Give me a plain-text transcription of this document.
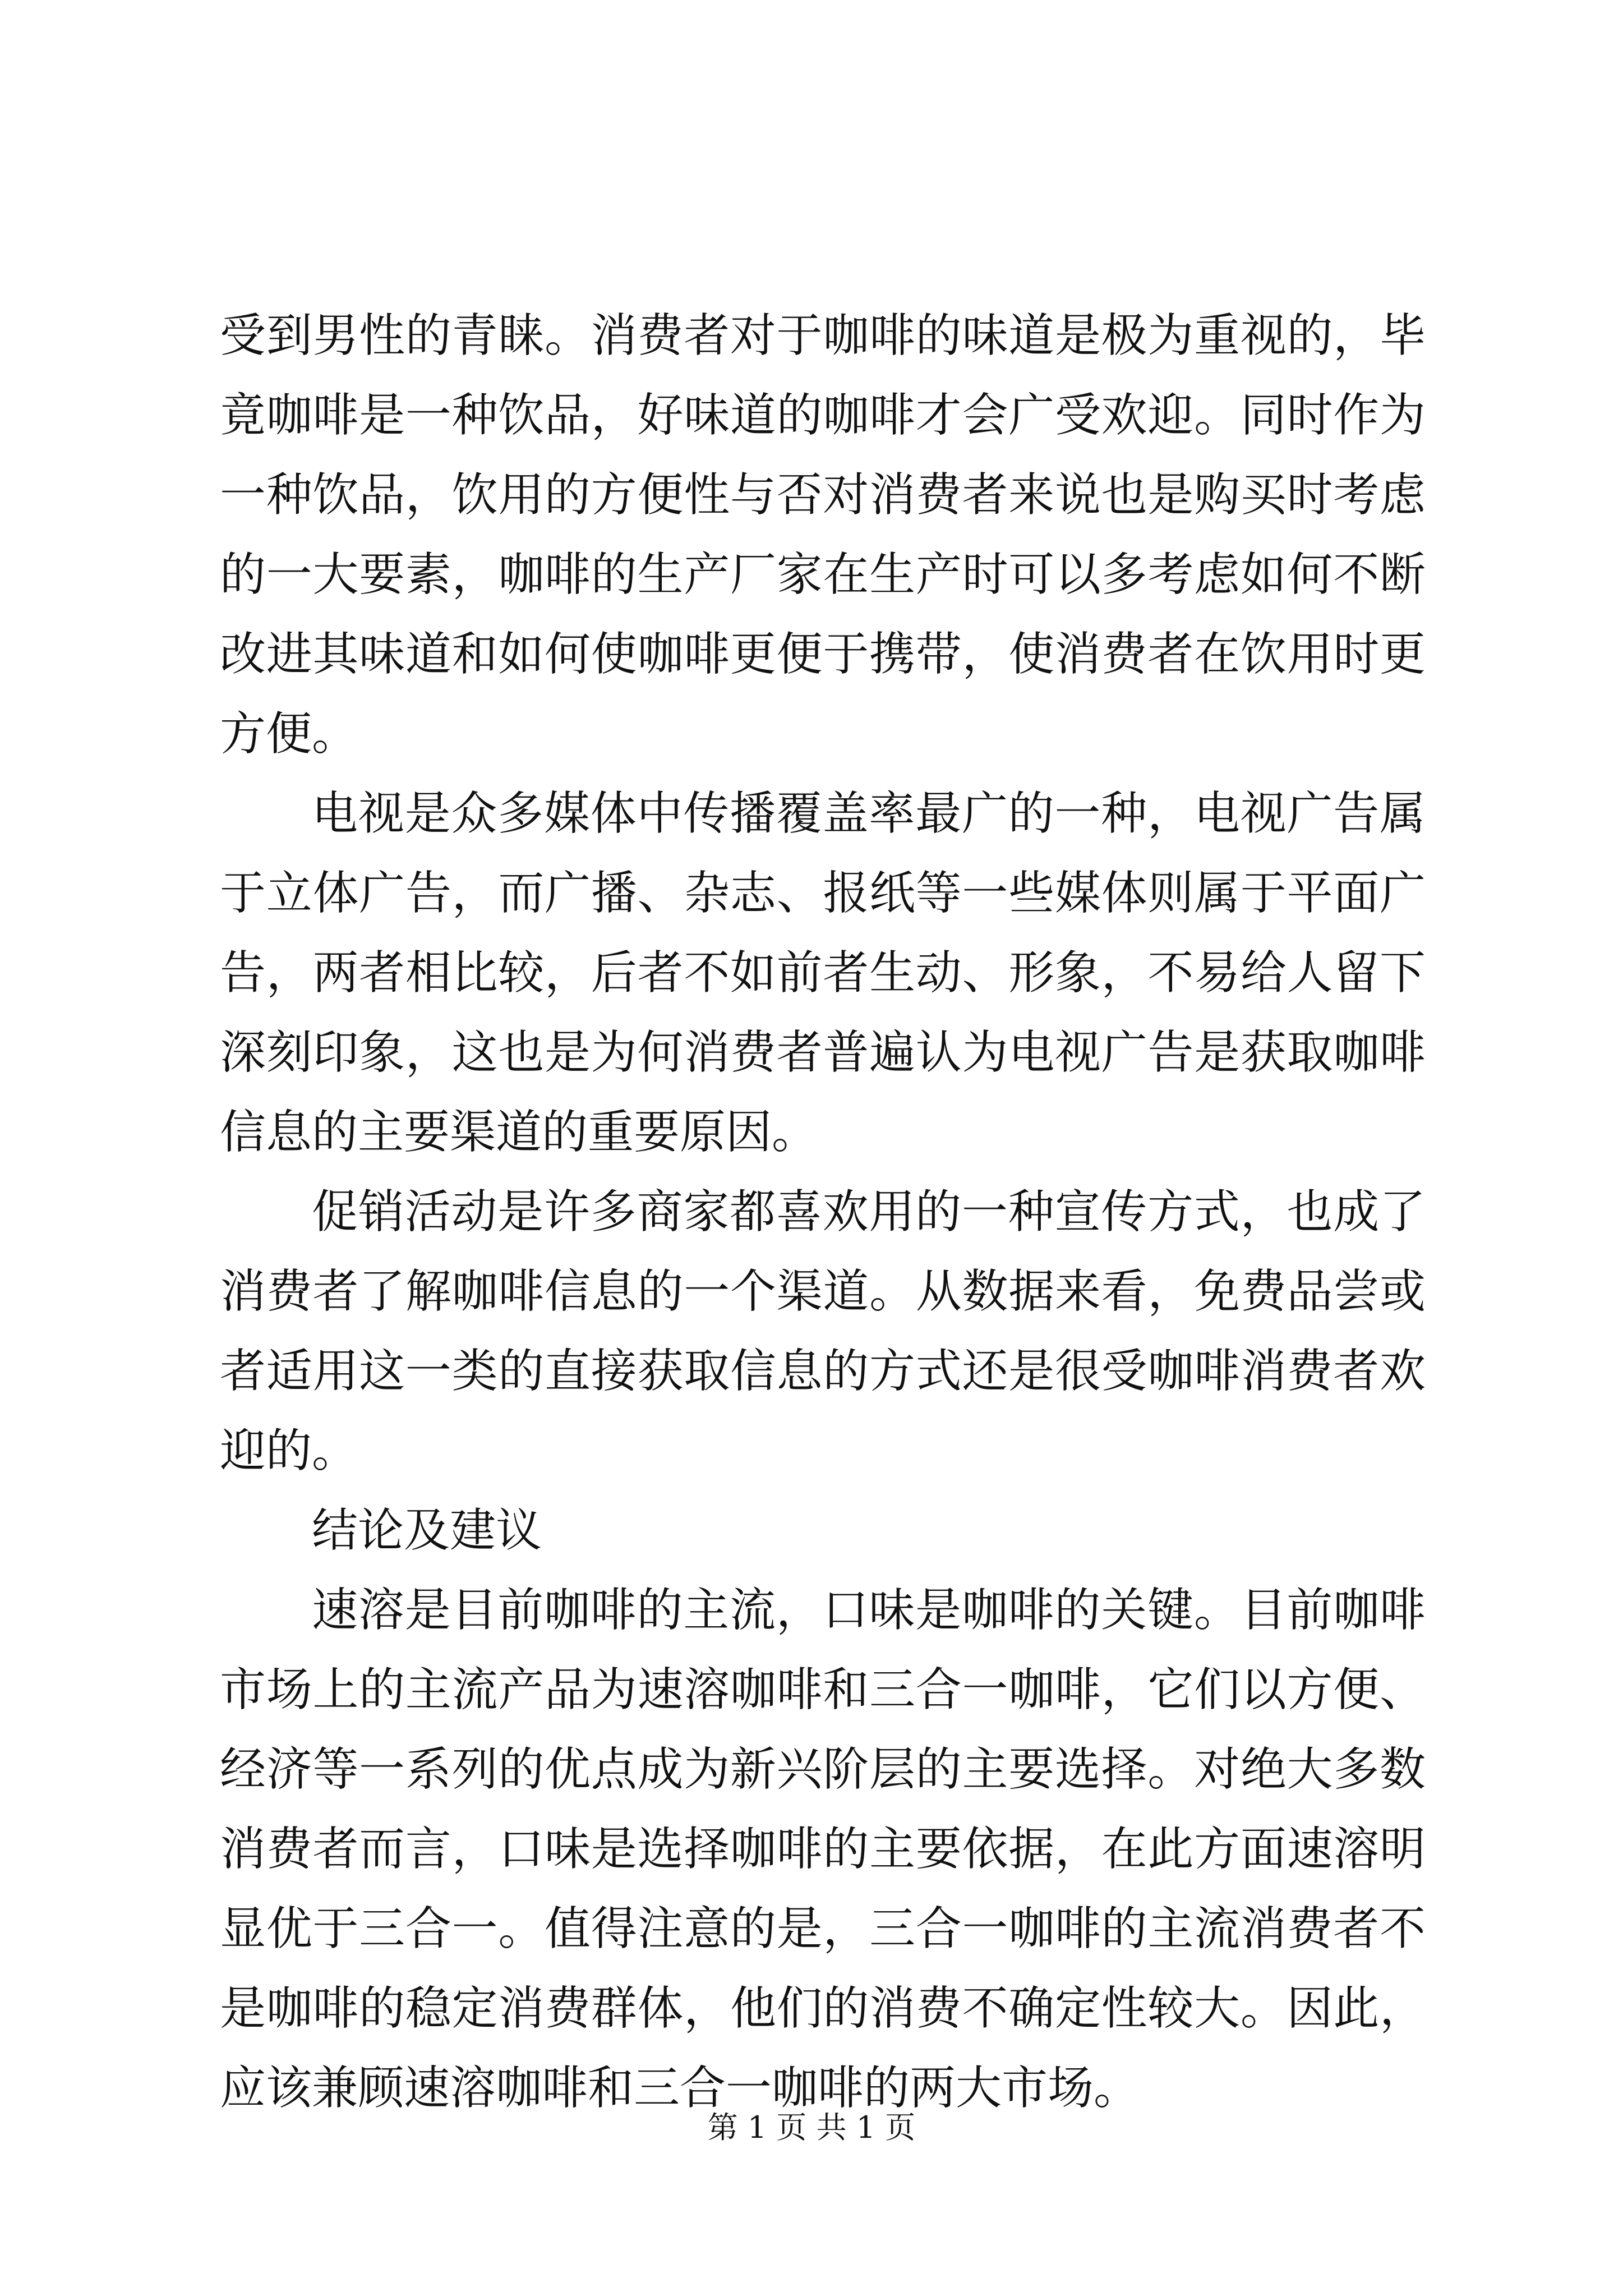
受到男性的青睐。消费者对于咖啡的味道是极为重视的，毕竟咖啡是一种饮品，好味道的咖啡才会广受欢迎。同时作为一种饮品，饮用的方便性与否对消费者来说也是购买时考虑的一大要素，咖啡的生产厂家在生产时可以多考虑如何不断改进其味道和如何使咖啡更便于携带，使消费者在饮用时更方便。

电视是众多媒体中传播覆盖率最广的一种，电视广告属于立体广告，而广播、杂志、报纸等一些媒体则属于平面广告，两者相比较，后者不如前者生动、形象，不易给人留下深刻印象，这也是为何消费者普遍认为电视广告是获取咖啡信息的主要渠道的重要原因。

促销活动是许多商家都喜欢用的一种宣传方式，也成了消费者了解咖啡信息的一个渠道。从数据来看，免费品尝或者适用这一类的直接获取信息的方式还是很受咖啡消费者欢迎的。

结论及建议

速溶是目前咖啡的主流，口味是咖啡的关键。目前咖啡市场上的主流产品为速溶咖啡和三合一咖啡，它们以方便、经济等一系列的优点成为新兴阶层的主要选择。对绝大多数消费者而言，口味是选择咖啡的主要依据，在此方面速溶明显优于三合一。值得注意的是，三合一咖啡的主流消费者不是咖啡的稳定消费群体，他们的消费不确定性较大。因此，应该兼顾速溶咖啡和三合一咖啡的两大市场。

第 1 页 共 1 页
